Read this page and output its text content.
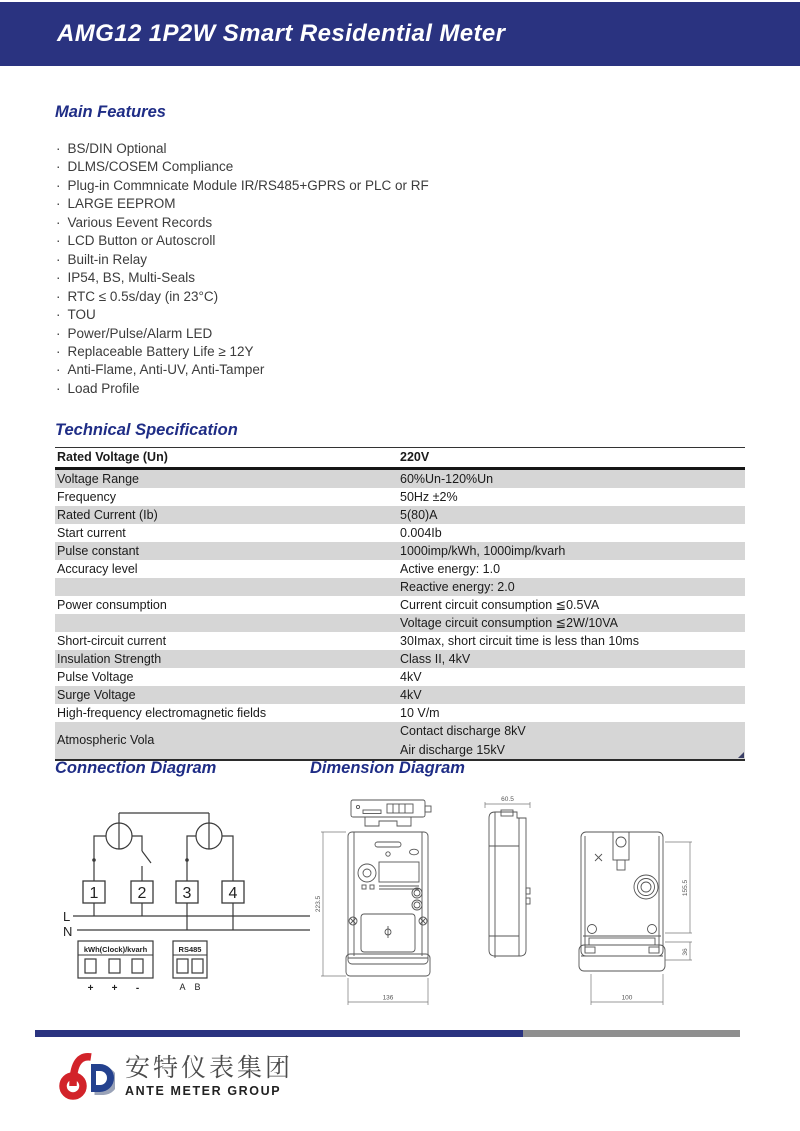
AMG12 1P2W Smart Residential Meter
Main Features
· BS/DIN Optional
· DLMS/COSEM Compliance
· Plug-in Commnicate Module IR/RS485+GPRS or PLC or RF
· LARGE EEPROM
· Various Eevent Records
· LCD Button or Autoscroll
· Built-in Relay
· IP54, BS, Multi-Seals
· RTC ≤ 0.5s/day (in 23°C)
· TOU
· Power/Pulse/Alarm LED
· Replaceable Battery Life ≥ 12Y
· Anti-Flame, Anti-UV, Anti-Tamper
· Load Profile
Technical Specification
Rated Voltage (Un)	220V
Voltage Range	60%Un-120%Un
Frequency	50Hz ±2%
Rated Current (Ib)	5(80)A
Start current	0.004Ib
Pulse constant	1000imp/kWh, 1000imp/kvarh
Accuracy level	Active energy: 1.0
Reactive energy: 2.0
Power consumption	Current circuit consumption ≦0.5VA
Voltage circuit consumption ≦2W/10VA
Short-circuit current	30Imax, short circuit time is less than 10ms
Insulation Strength	Class II, 4kV
Pulse Voltage	4kV
Surge Voltage	4kV
High-frequency electromagnetic fields	10 V/m
Atmospheric Vola
Contact discharge 8kV
Air discharge 15kV
Connection Diagram	Dimension Diagram
1 2 3 4
L
N
kWh(Clock)/kvarh
+ + -
RS485
A B
223.5
136
60.5
155.5
36
100
安特仪表集团
ANTE METER GROUP
